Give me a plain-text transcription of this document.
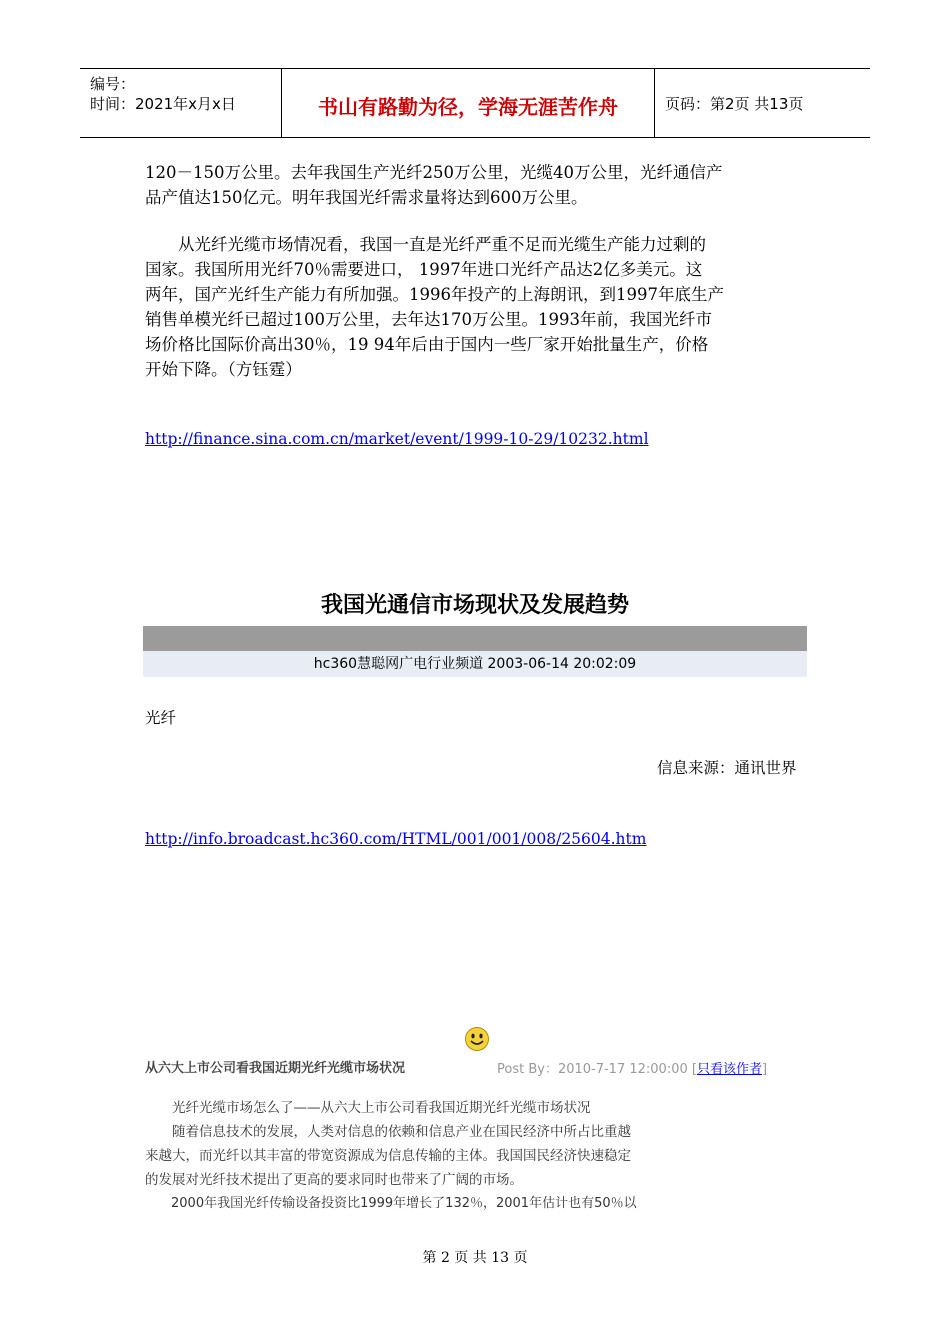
编号：
时间：2021年x月x日	书山有路勤为径，学海无涯苦作舟	页码：第2页 共13页
120－150万公里。去年我国生产光纤250万公里，光缆40万公里，光纤通信产
品产值达150亿元。明年我国光纤需求量将达到600万公里。
　　从光纤光缆市场情况看，我国一直是光纤严重不足而光缆生产能力过剩的
国家。我国所用光纤70％需要进口， 1997年进口光纤产品达2亿多美元。这
两年，国产光纤生产能力有所加强。1996年投产的上海朗讯，到1997年底生产
销售单模光纤已超过100万公里，去年达170万公里。1993年前，我国光纤市
场价格比国际价高出30％，19 94年后由于国内一些厂家开始批量生产，价格
开始下降。（方钰霆）
http://finance.sina.com.cn/market/event/1999-10-29/10232.html
我国光通信市场现状及发展趋势
hc360慧聪网广电行业频道 2003-06-14 20:02:09
光纤
信息来源：通讯世界
http://info.broadcast.hc360.com/HTML/001/001/008/25604.htm
从六大上市公司看我国近期光纤光缆市场状况	Post By：2010-7-17 12:00:00 [只看该作者]
　　光纤光缆市场怎么了——从六大上市公司看我国近期光纤光缆市场状况
　　随着信息技术的发展，人类对信息的依赖和信息产业在国民经济中所占比重越
来越大，而光纤以其丰富的带宽资源成为信息传输的主体。我国国民经济快速稳定
的发展对光纤技术提出了更高的要求同时也带来了广阔的市场。
　　2000年我国光纤传输设备投资比1999年增长了132％，2001年估计也有50％以
第 2 页 共 13 页
